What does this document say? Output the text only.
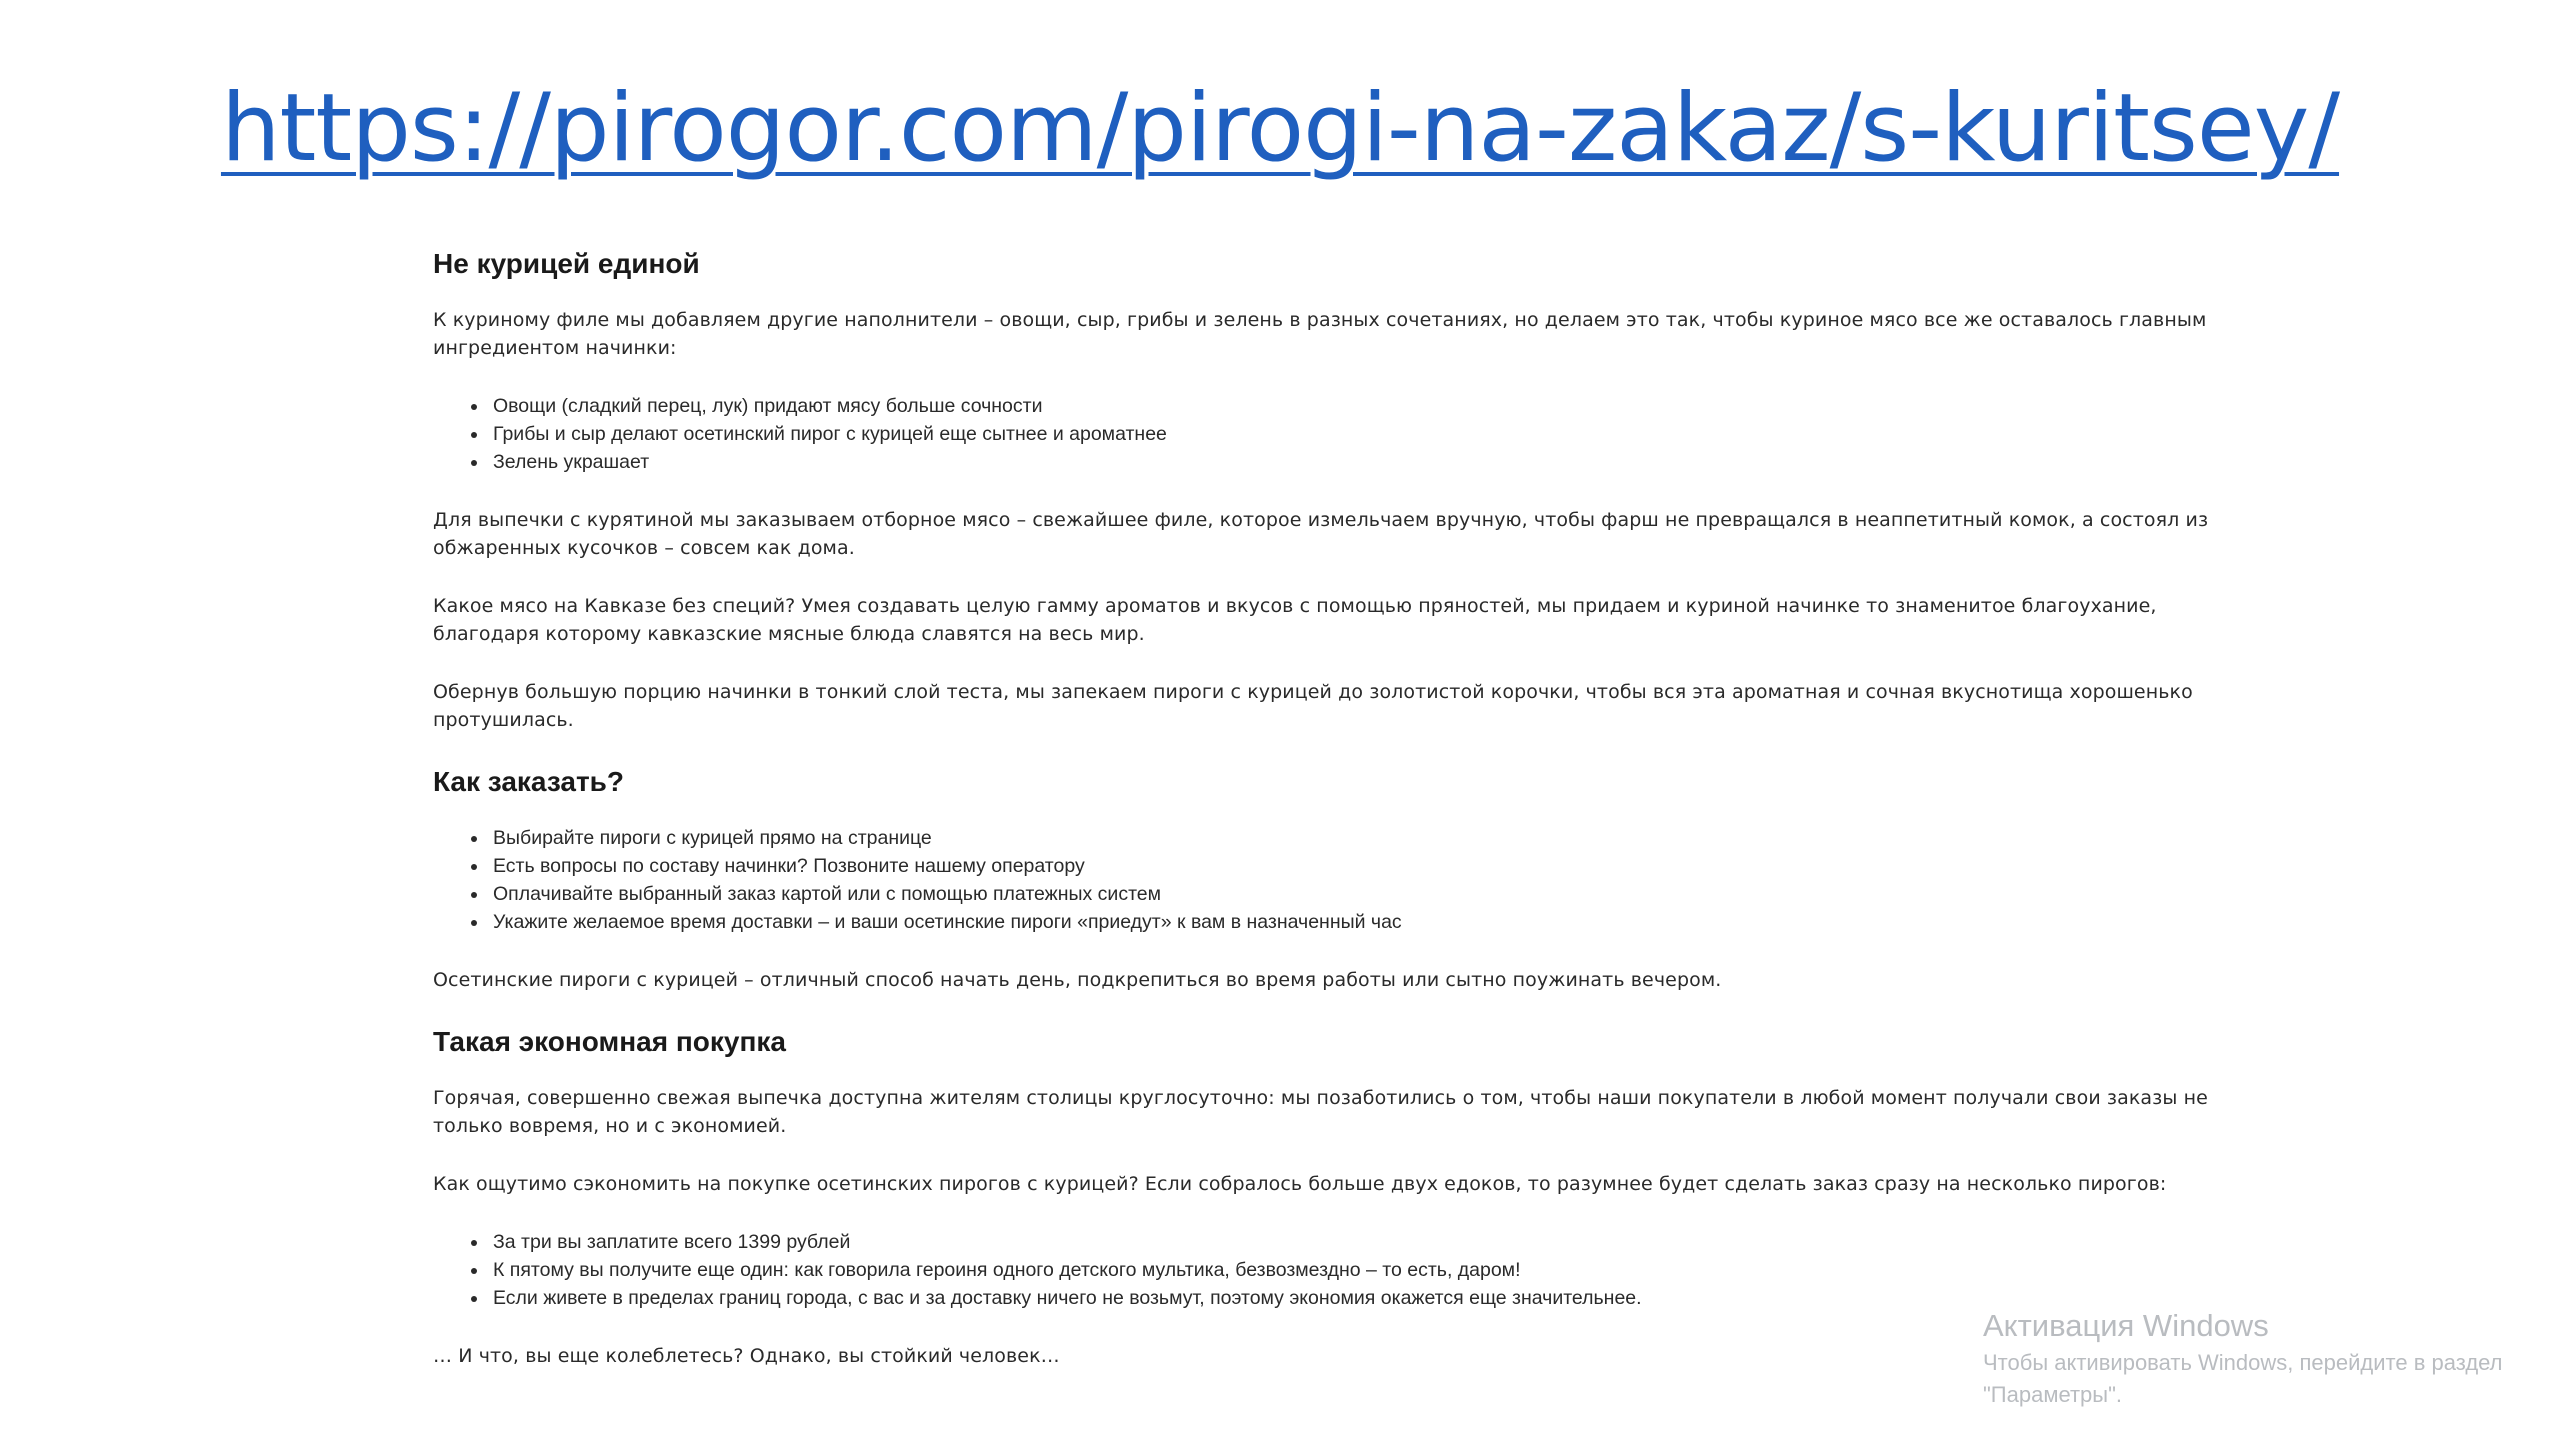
https://pirogor.com/pirogi-na-zakaz/s-kuritsey/
Не курицей единой

К куриному филе мы добавляем другие наполнители – овощи, сыр, грибы и зелень в разных сочетаниях, но делаем это так, чтобы куриное мясо все же оставалось главным ингредиентом начинки:

Овощи (сладкий перец, лук) придают мясу больше сочности
Грибы и сыр делают осетинский пирог с курицей еще сытнее и ароматнее
Зелень украшает

Для выпечки с курятиной мы заказываем отборное мясо – свежайшее филе, которое измельчаем вручную, чтобы фарш не превращался в неаппетитный комок, а состоял из обжаренных кусочков – совсем как дома.

Какое мясо на Кавказе без специй? Умея создавать целую гамму ароматов и вкусов с помощью пряностей, мы придаем и куриной начинке то знаменитое благоухание, благодаря которому кавказские мясные блюда славятся на весь мир.

Обернув большую порцию начинки в тонкий слой теста, мы запекаем пироги с курицей до золотистой корочки, чтобы вся эта ароматная и сочная вкуснотища хорошенько протушилась.

Как заказать?
Выбирайте пироги с курицей прямо на странице
Есть вопросы по составу начинки? Позвоните нашему оператору
Оплачивайте выбранный заказ картой или с помощью платежных систем
Укажите желаемое время доставки – и ваши осетинские пироги «приедут» к вам в назначенный час

Осетинские пироги с курицей – отличный способ начать день, подкрепиться во время работы или сытно поужинать вечером.

Такая экономная покупка

Горячая, совершенно свежая выпечка доступна жителям столицы круглосуточно: мы позаботились о том, чтобы наши покупатели в любой момент получали свои заказы не только вовремя, но и с экономией.

Как ощутимо сэкономить на покупке осетинских пирогов с курицей? Если собралось больше двух едоков, то разумнее будет сделать заказ сразу на несколько пирогов:

За три вы заплатите всего 1399 рублей
К пятому вы получите еще один: как говорила героиня одного детского мультика, безвозмездно – то есть, даром!
Если живете в пределах границ города, с вас и за доставку ничего не возьмут, поэтому экономия окажется еще значительнее.

… И что, вы еще колеблетесь? Однако, вы стойкий человек…

Активация Windows
Чтобы активировать Windows, перейдите в раздел
"Параметры".
